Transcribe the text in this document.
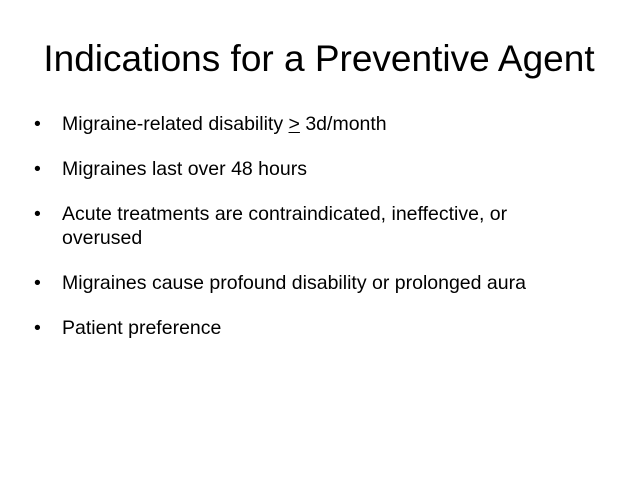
Indications for a Preventive Agent
•	Migraine-related disability ≥ 3d/month
•	Migraines last over 48 hours
•	Acute treatments are contraindicated, ineffective, or overused
•	Migraines cause profound disability or prolonged aura
•	Patient preference
